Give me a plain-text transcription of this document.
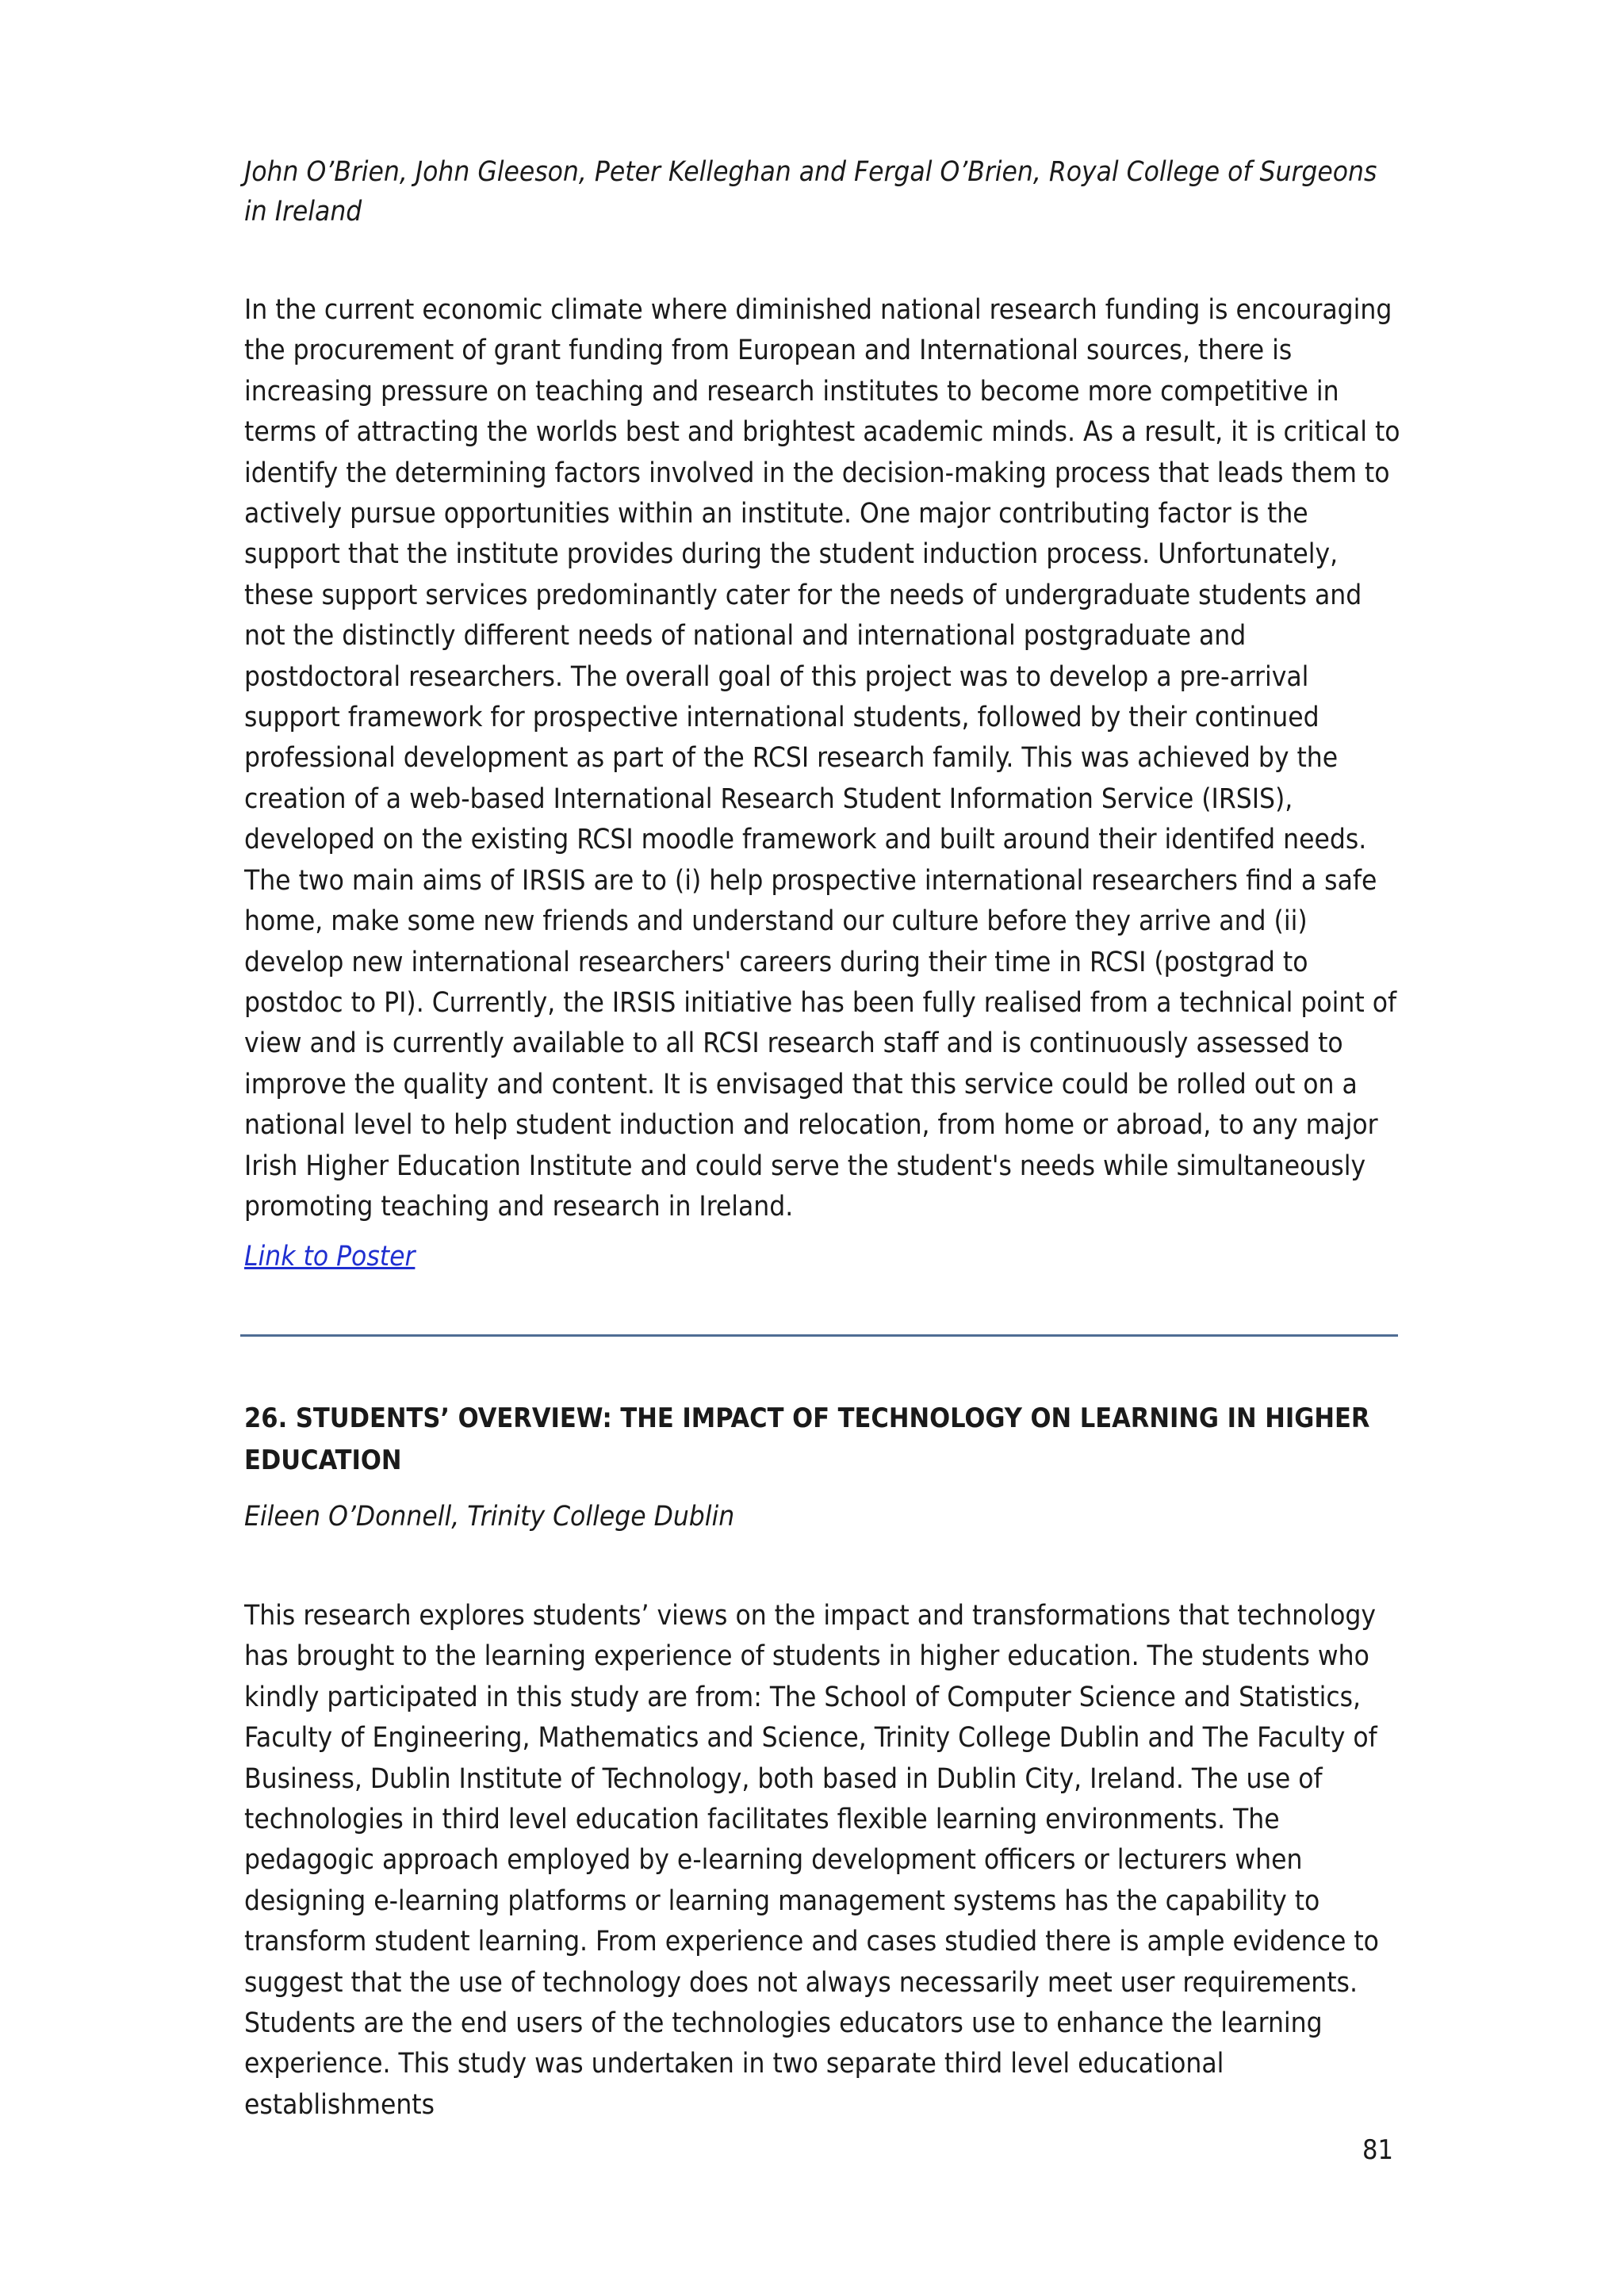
John O’Brien, John Gleeson, Peter Kelleghan and Fergal O’Brien, Royal College of Surgeons in Ireland

In the current economic climate where diminished national research funding is encouraging the procurement of grant funding from European and International sources, there is increasing pressure on teaching and research institutes to become more competitive in terms of attracting the worlds best and brightest academic minds. As a result, it is critical to identify the determining factors involved in the decision-making process that leads them to actively pursue opportunities within an institute. One major contributing factor is the support that the institute provides during the student induction process. Unfortunately, these support services predominantly cater for the needs of undergraduate students and not the distinctly different needs of national and international postgraduate and postdoctoral researchers. The overall goal of this project was to develop a pre-arrival support framework for prospective international students, followed by their continued professional development as part of the RCSI research family. This was achieved by the creation of a web-based International Research Student Information Service (IRSIS), developed on the existing RCSI moodle framework and built around their identifed needs. The two main aims of IRSIS are to (i) help prospective international researchers find a safe home, make some new friends and understand our culture before they arrive and (ii) develop new international researchers' careers during their time in RCSI (postgrad to postdoc to PI). Currently, the IRSIS initiative has been fully realised from a technical point of view and is currently available to all RCSI research staff and is continuously assessed to improve the quality and content. It is envisaged that this service could be rolled out on a national level to help student induction and relocation, from home or abroad, to any major Irish Higher Education Institute and could serve the student's needs while simultaneously promoting teaching and research in Ireland.

Link to Poster
26. STUDENTS’ OVERVIEW: THE IMPACT OF TECHNOLOGY ON LEARNING IN HIGHER EDUCATION

Eileen O’Donnell, Trinity College Dublin

This research explores students’ views on the impact and transformations that technology has brought to the learning experience of students in higher education. The students who kindly participated in this study are from: The School of Computer Science and Statistics, Faculty of Engineering, Mathematics and Science, Trinity College Dublin and The Faculty of Business, Dublin Institute of Technology, both based in Dublin City, Ireland. The use of technologies in third level education facilitates flexible learning environments. The pedagogic approach employed by e-learning development officers or lecturers when designing e-learning platforms or learning management systems has the capability to transform student learning. From experience and cases studied there is ample evidence to suggest that the use of technology does not always necessarily meet user requirements. Students are the end users of the technologies educators use to enhance the learning experience. This study was undertaken in two separate third level educational establishments

81
